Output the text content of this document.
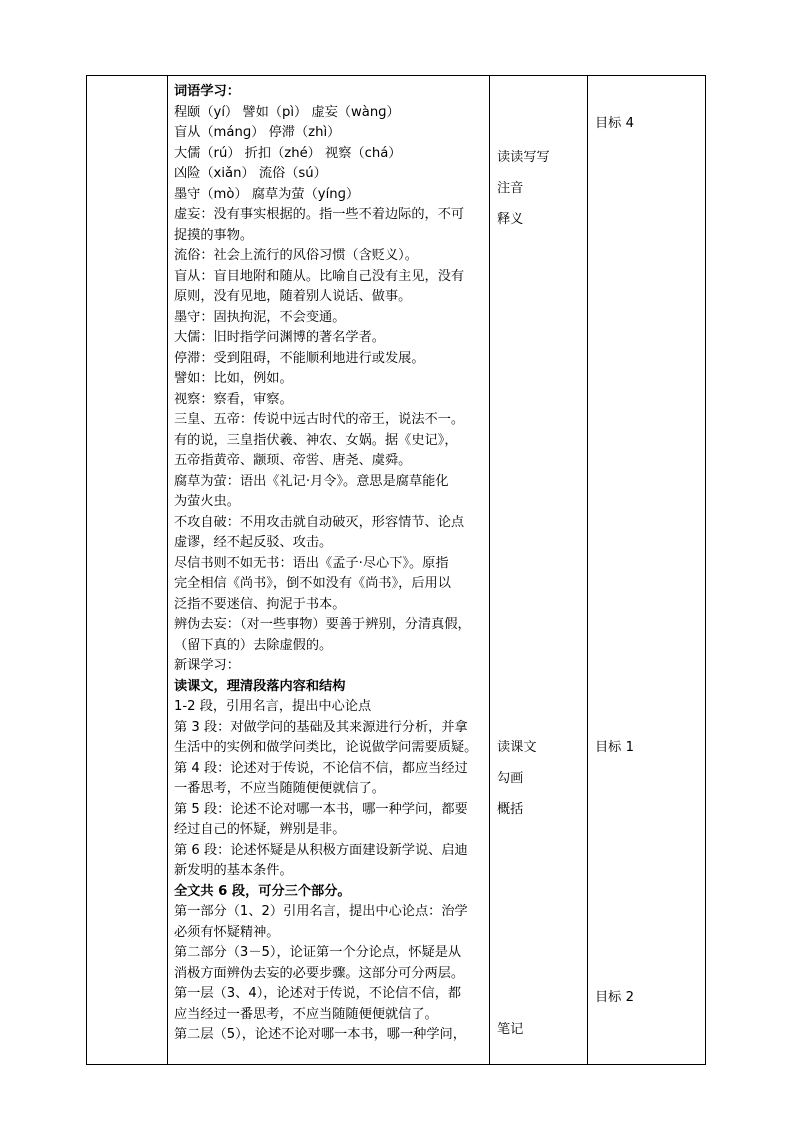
词语学习：
程颐（yí） 譬如（pì） 虚妄（wànɡ）
盲从（mánɡ） 停滞（zhì）
大儒（rú） 折扣（zhé） 视察（chá）
凶险（xiǎn） 流俗（sú）
墨守（mò） 腐草为萤（yínɡ）
虚妄：没有事实根据的。指一些不着边际的，不可
捉摸的事物。
流俗：社会上流行的风俗习惯（含贬义）。
盲从：盲目地附和随从。比喻自己没有主见，没有
原则，没有见地，随着别人说话、做事。
墨守：固执拘泥，不会变通。
大儒：旧时指学问渊博的著名学者。
停滞：受到阻碍，不能顺利地进行或发展。
譬如：比如，例如。
视察：察看，审察。
三皇、五帝：传说中远古时代的帝王，说法不一。
有的说，三皇指伏羲、神农、女娲。据《史记》，
五帝指黄帝、颛顼、帝喾、唐尧、虞舜。
腐草为萤：语出《礼记·月令》。意思是腐草能化
为萤火虫。
不攻自破：不用攻击就自动破灭，形容情节、论点
虚谬，经不起反驳、攻击。
尽信书则不如无书：语出《孟子·尽心下》。原指
完全相信《尚书》，倒不如没有《尚书》，后用以
泛指不要迷信、拘泥于书本。
辨伪去妄：（对一些事物）要善于辨别，分清真假，
（留下真的）去除虚假的。
新课学习：
读课文，理清段落内容和结构
1-2 段，引用名言，提出中心论点
第 3 段：对做学问的基础及其来源进行分析，并拿
生活中的实例和做学问类比，论说做学问需要质疑。
第 4 段：论述对于传说，不论信不信，都应当经过
一番思考，不应当随随便便就信了。
第 5 段：论述不论对哪一本书，哪一种学问，都要
经过自己的怀疑，辨别是非。
第 6 段：论述怀疑是从积极方面建设新学说、启迪
新发明的基本条件。
全文共 6 段，可分三个部分。
第一部分（1、2）引用名言，提出中心论点：治学
必须有怀疑精神。
第二部分（3－5），论证第一个分论点，怀疑是从
消极方面辨伪去妄的必要步骤。这部分可分两层。
第一层（3、4），论述对于传说，不论信不信，都
应当经过一番思考，不应当随随便便就信了。
第二层（5），论述不论对哪一本书，哪一种学问，
读读写写
注音
释义
读课文
勾画
概括
笔记
目标 4
目标 1
目标 2
